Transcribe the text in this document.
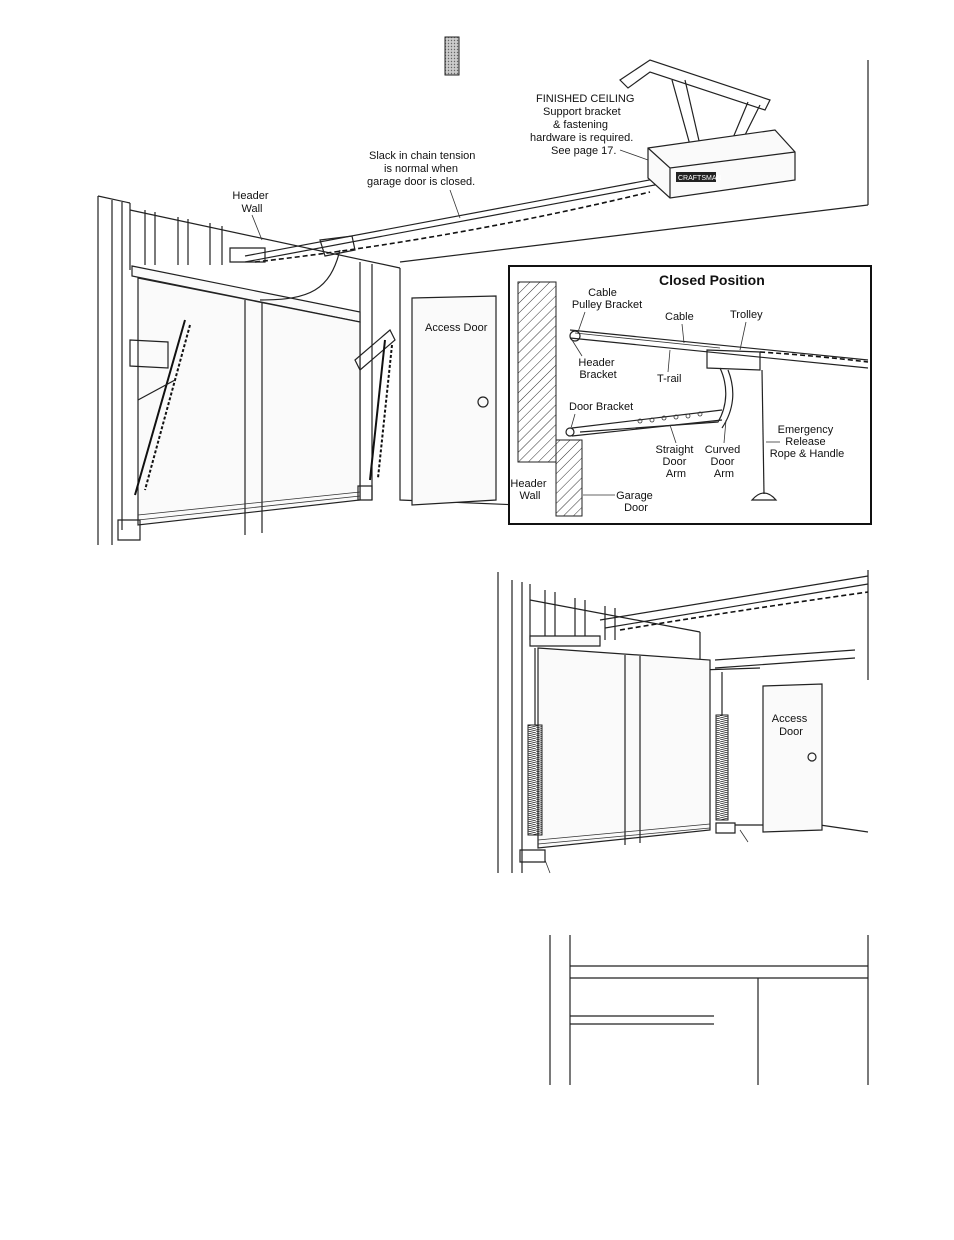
CRAFTSMAN
FINISHED CEILING Support bracket & fastening hardware is required. See page 17.
Slack in chain tension is normal when garage door is closed.
Header Wall
Access Door
Closed Position
Cable Pulley Bracket
Cable	Trolley
Header Bracket	T-rail
Door Bracket
Straight Door Arm
Curved Door Arm
Emergency Release Rope & Handle
Header Wall	Garage Door
Access Door
